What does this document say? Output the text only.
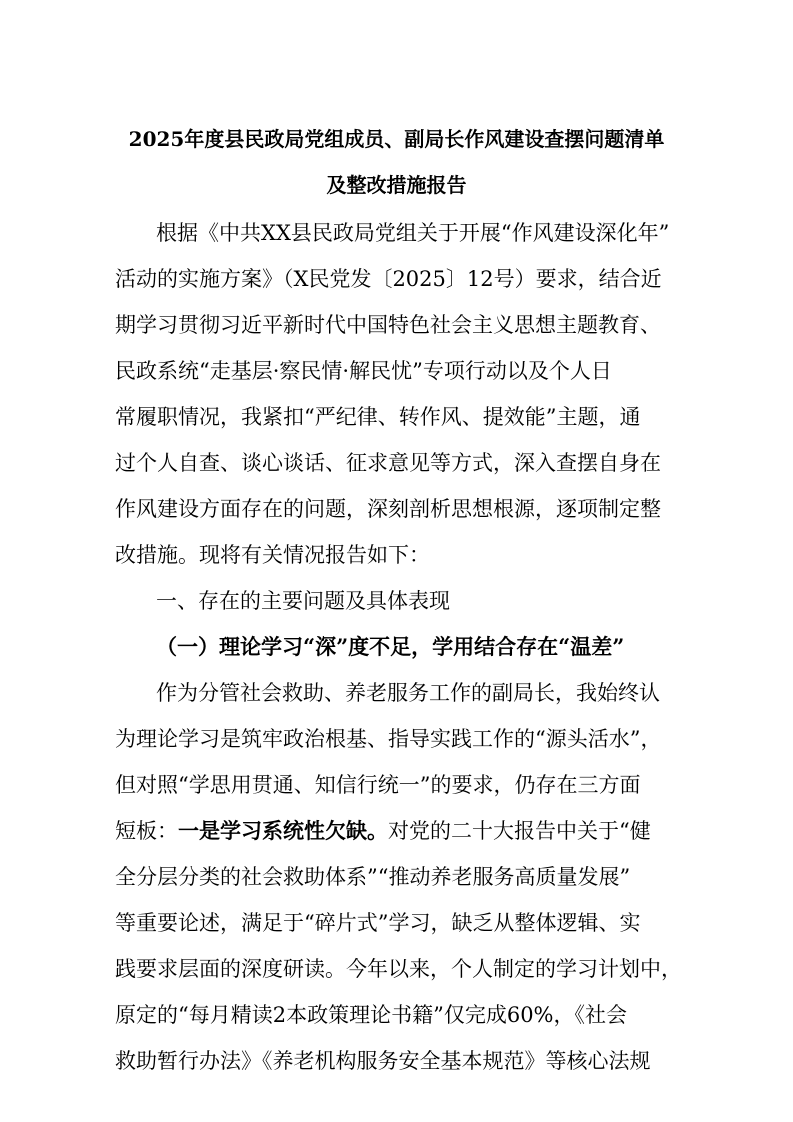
2025年度县民政局党组成员、副局长作风建设查摆问题清单
及整改措施报告
根据《中共XX县民政局党组关于开展“作风建设深化年”
活动的实施方案》（X民党发〔2025〕12号）要求，结合近
期学习贯彻习近平新时代中国特色社会主义思想主题教育、
民政系统“走基层·察民情·解民忧”专项行动以及个人日
常履职情况，我紧扣“严纪律、转作风、提效能”主题，通
过个人自查、谈心谈话、征求意见等方式，深入查摆自身在
作风建设方面存在的问题，深刻剖析思想根源，逐项制定整
改措施。现将有关情况报告如下：
一、存在的主要问题及具体表现
（一）理论学习“深”度不足，学用结合存在“温差”
作为分管社会救助、养老服务工作的副局长，我始终认
为理论学习是筑牢政治根基、指导实践工作的“源头活水”，
但对照“学思用贯通、知信行统一”的要求，仍存在三方面
短板：一是学习系统性欠缺。对党的二十大报告中关于“健
全分层分类的社会救助体系”“推动养老服务高质量发展”
等重要论述，满足于“碎片式”学习，缺乏从整体逻辑、实
践要求层面的深度研读。今年以来，个人制定的学习计划中，
原定的“每月精读2本政策理论书籍”仅完成60%，《社会
救助暂行办法》《养老机构服务安全基本规范》等核心法规
